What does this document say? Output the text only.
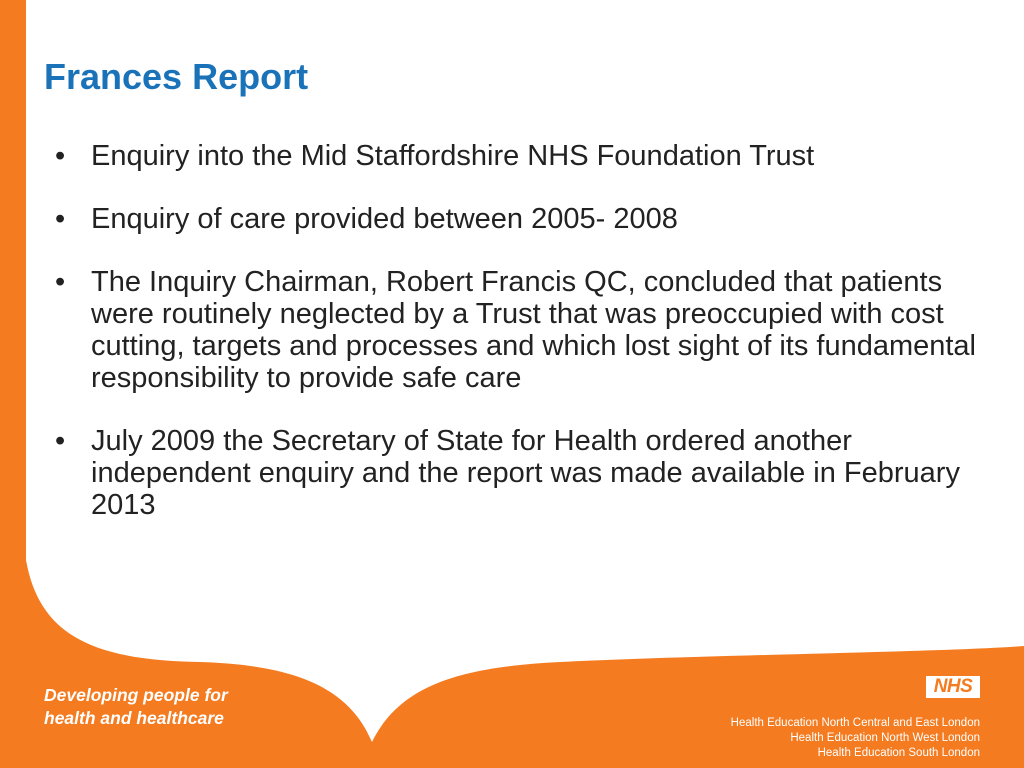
Frances Report
• Enquiry into the Mid Staffordshire NHS Foundation Trust
• Enquiry of care provided between 2005- 2008
• The Inquiry Chairman, Robert Francis QC, concluded that patients were routinely neglected by a Trust that was preoccupied with cost cutting, targets and processes and which lost sight of its fundamental responsibility to provide safe care
• July 2009 the Secretary of State for Health ordered another independent enquiry and the report was made available in February 2013
Developing people for
health and healthcare
NHS
Health Education North Central and East London
Health Education North West London
Health Education South London
